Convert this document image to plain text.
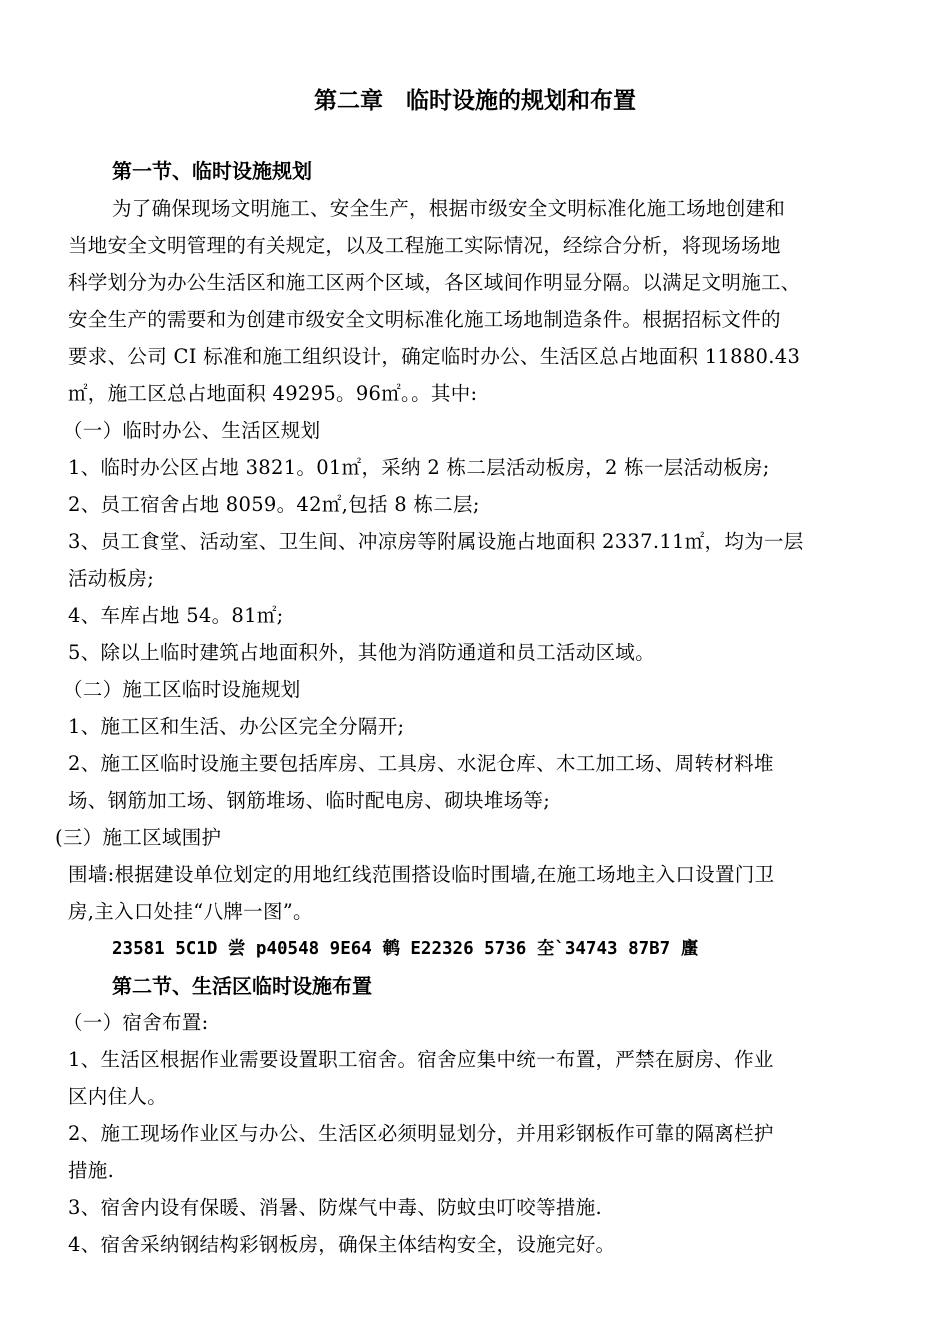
第二章　临时设施的规划和布置
第一节、临时设施规划
为了确保现场文明施工、安全生产，根据市级安全文明标准化施工场地创建和
当地安全文明管理的有关规定，以及工程施工实际情况，经综合分析，将现场场地
科学划分为办公生活区和施工区两个区域，各区域间作明显分隔。以满足文明施工、
安全生产的需要和为创建市级安全文明标准化施工场地制造条件。根据招标文件的
要求、公司 CI 标准和施工组织设计，确定临时办公、生活区总占地面积 11880.43
㎡，施工区总占地面积 49295。96㎡。。其中:
（一）临时办公、生活区规划
1、临时办公区占地 3821。01㎡，采纳 2 栋二层活动板房，2 栋一层活动板房;
2、员工宿舍占地 8059。42㎡,包括 8 栋二层;
3、员工食堂、活动室、卫生间、冲凉房等附属设施占地面积 2337.11㎡，均为一层
活动板房;
4、车库占地 54。81㎡;
5、除以上临时建筑占地面积外，其他为消防通道和员工活动区域。
（二）施工区临时设施规划
1、施工区和生活、办公区完全分隔开;
2、施工区临时设施主要包括库房、工具房、水泥仓库、木工加工场、周转材料堆
场、钢筋加工场、钢筋堆场、临时配电房、砌块堆场等;
(三）施工区域围护
围墙:根据建设单位划定的用地红线范围搭设临时围墙,在施工场地主入口设置门卫
房,主入口处挂“八牌一图”。
23581 5C1D 尝 p40548 9E64 鹌 E22326 5736 圶`34743 87B7 螷
第二节、生活区临时设施布置
（一）宿舍布置:
1、生活区根据作业需要设置职工宿舍。宿舍应集中统一布置，严禁在厨房、作业
区内住人。
2、施工现场作业区与办公、生活区必须明显划分，并用彩钢板作可靠的隔离栏护
措施.
3、宿舍内设有保暖、消暑、防煤气中毒、防蚊虫叮咬等措施.
4、宿舍采纳钢结构彩钢板房，确保主体结构安全，设施完好。
